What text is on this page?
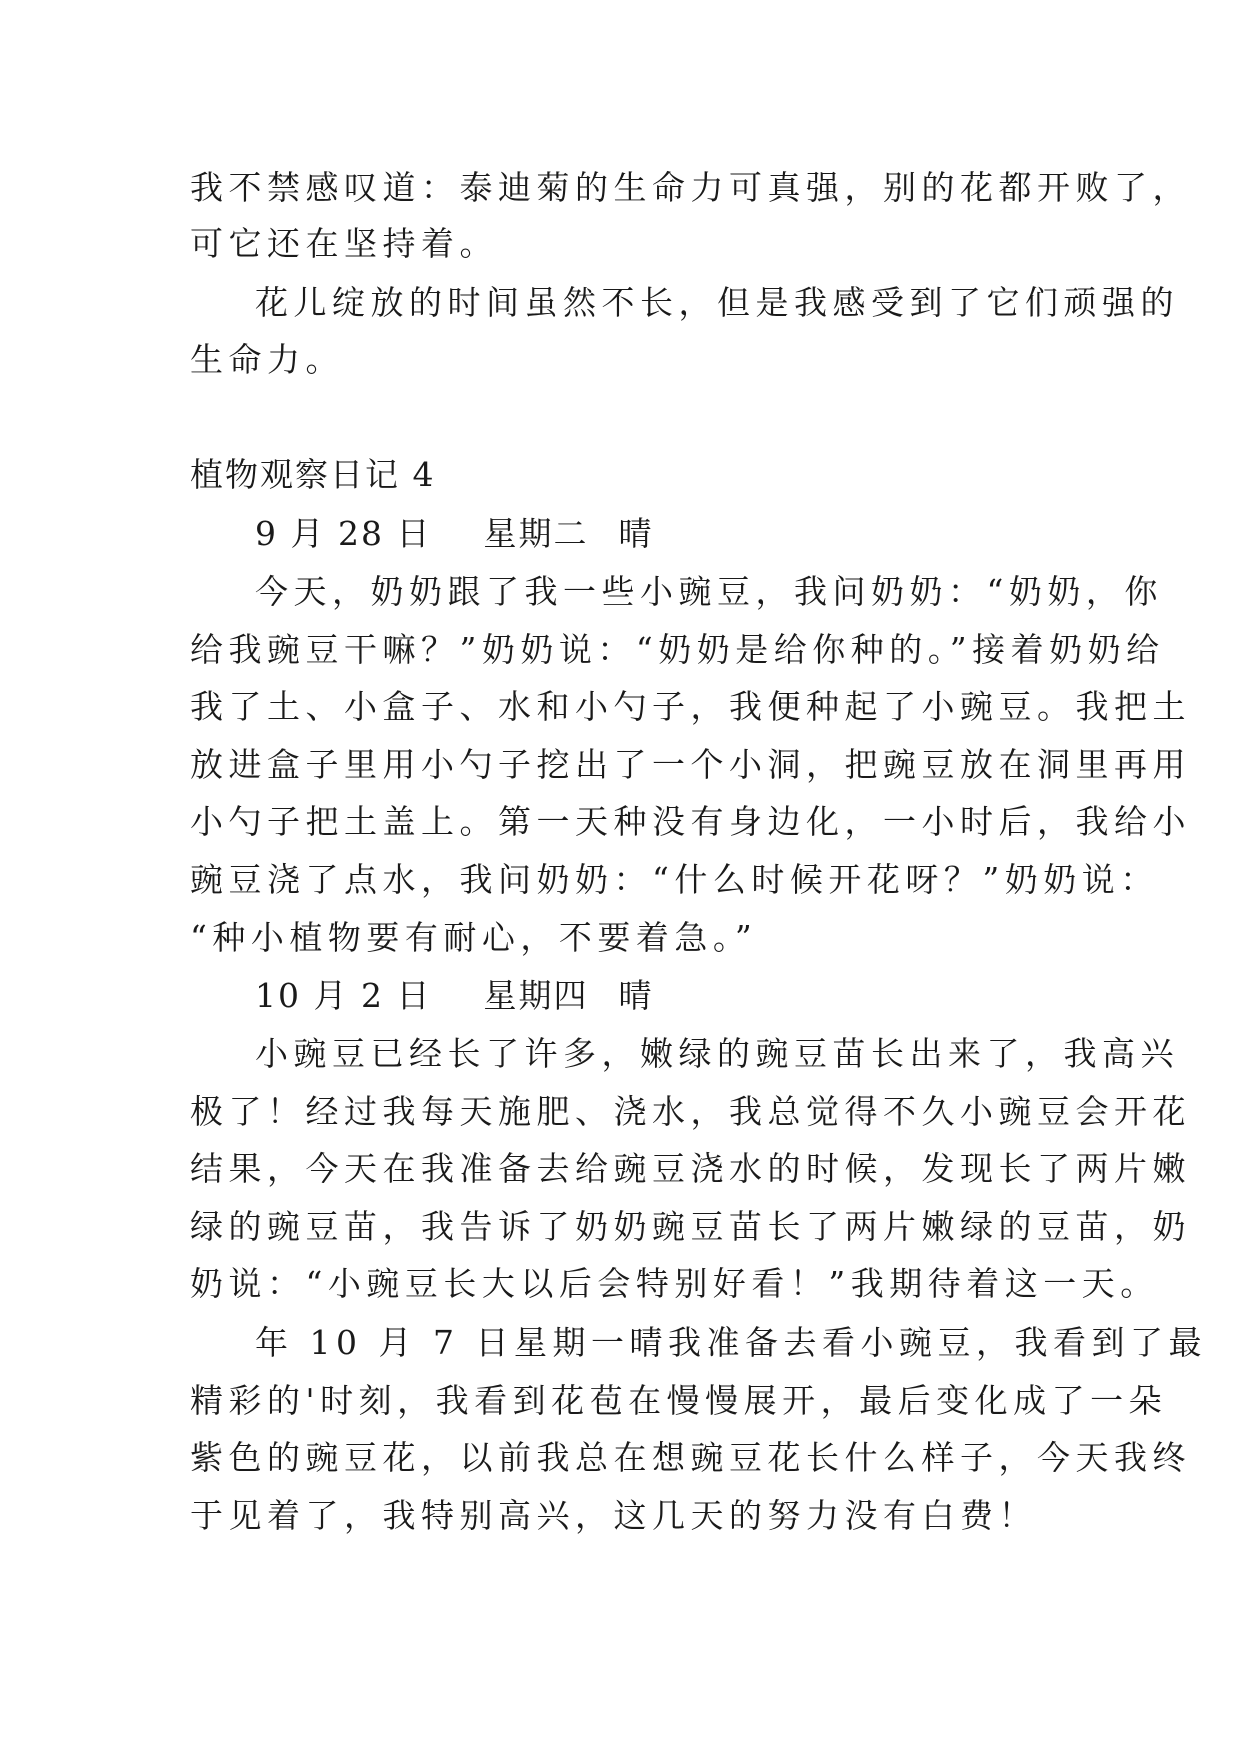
我不禁感叹道：泰迪菊的生命力可真强，别的花都开败了，
可它还在坚持着。
花儿绽放的时间虽然不长，但是我感受到了它们顽强的
生命力。
植物观察日记 4
9 月 28 日 星期二 晴
今天，奶奶跟了我一些小豌豆，我问奶奶：“奶奶，你
给我豌豆干嘛？”奶奶说：“奶奶是给你种的。”接着奶奶给
我了土、小盒子、水和小勺子，我便种起了小豌豆。我把土
放进盒子里用小勺子挖出了一个小洞，把豌豆放在洞里再用
小勺子把土盖上。第一天种没有身边化，一小时后，我给小
豌豆浇了点水，我问奶奶：“什么时候开花呀？”奶奶说：
“种小植物要有耐心，不要着急。”
10 月 2 日 星期四 晴
小豌豆已经长了许多，嫩绿的豌豆苗长出来了，我高兴
极了！经过我每天施肥、浇水，我总觉得不久小豌豆会开花
结果，今天在我准备去给豌豆浇水的时候，发现长了两片嫩
绿的豌豆苗，我告诉了奶奶豌豆苗长了两片嫩绿的豆苗，奶
奶说：“小豌豆长大以后会特别好看！”我期待着这一天。
年 10 月 7 日星期一晴我准备去看小豌豆，我看到了最
精彩的'时刻，我看到花苞在慢慢展开，最后变化成了一朵
紫色的豌豆花，以前我总在想豌豆花长什么样子，今天我终
于见着了，我特别高兴，这几天的努力没有白费！
